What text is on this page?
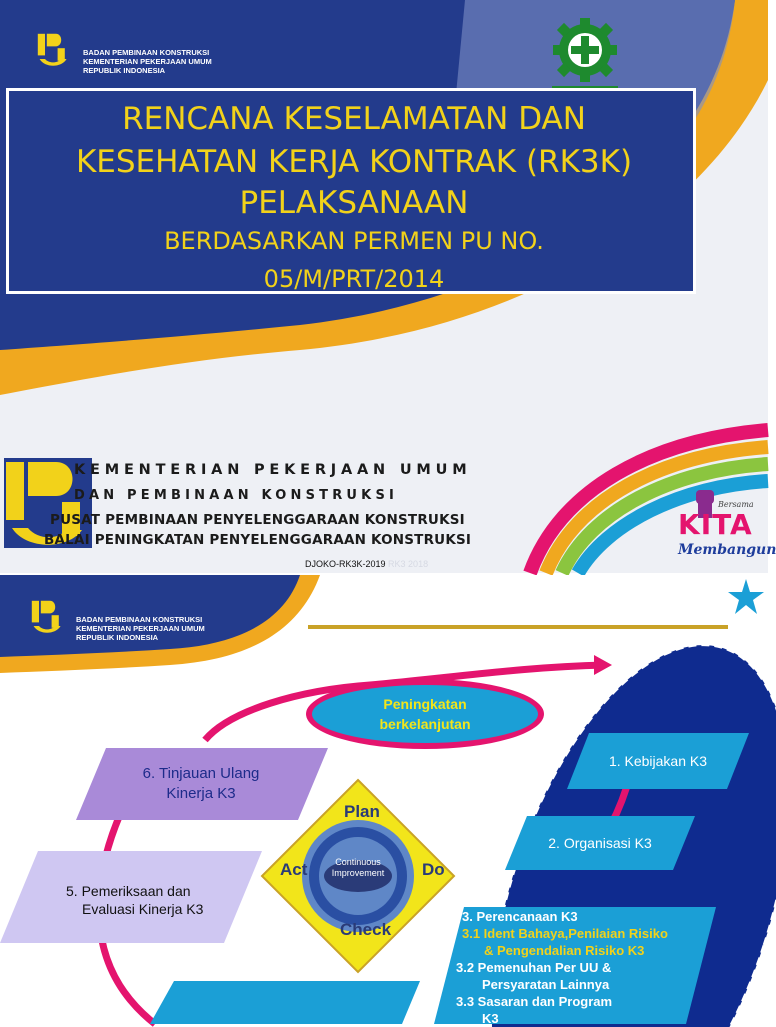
BADAN PEMBINAAN KONSTRUKSI
KEMENTERIAN PEKERJAAN UMUM
REPUBLIK INDONESIA
RENCANA KESELAMATAN DAN
KESEHATAN KERJA KONTRAK (RK3K)
PELAKSANAAN
BERDASARKAN PERMEN PU NO.
05/M/PRT/2014
KEMENTERIAN PEKERJAAN UMUM
DAN PEMBINAAN KONSTRUKSI
PUSAT PEMBINAAN PENYELENGGARAAN KONSTRUKSI
BALAI PENINGKATAN PENYELENGGARAAN KONSTRUKSI
DJOKO-RK3K-2019 RK3 2018
Bersama
KITA
Membangun
BADAN PEMBINAAN KONSTRUKSI
KEMENTERIAN PEKERJAAN UMUM
REPUBLIK INDONESIA
Peningkatan
berkelanjutan
6. Tinjauan Ulang
Kinerja K3
5. Pemeriksaan dan
Evaluasi Kinerja K3
Plan
Do
Check
Act	Continuous
Improvement
1. Kebijakan K3
2. Organisasi K3
3. Perencanaan K3
3.1 Ident Bahaya,Penilaian Risiko
& Pengendalian Risiko K3
3.2 Pemenuhan Per UU &
Persyaratan Lainnya
3.3 Sasaran dan Program
K3
